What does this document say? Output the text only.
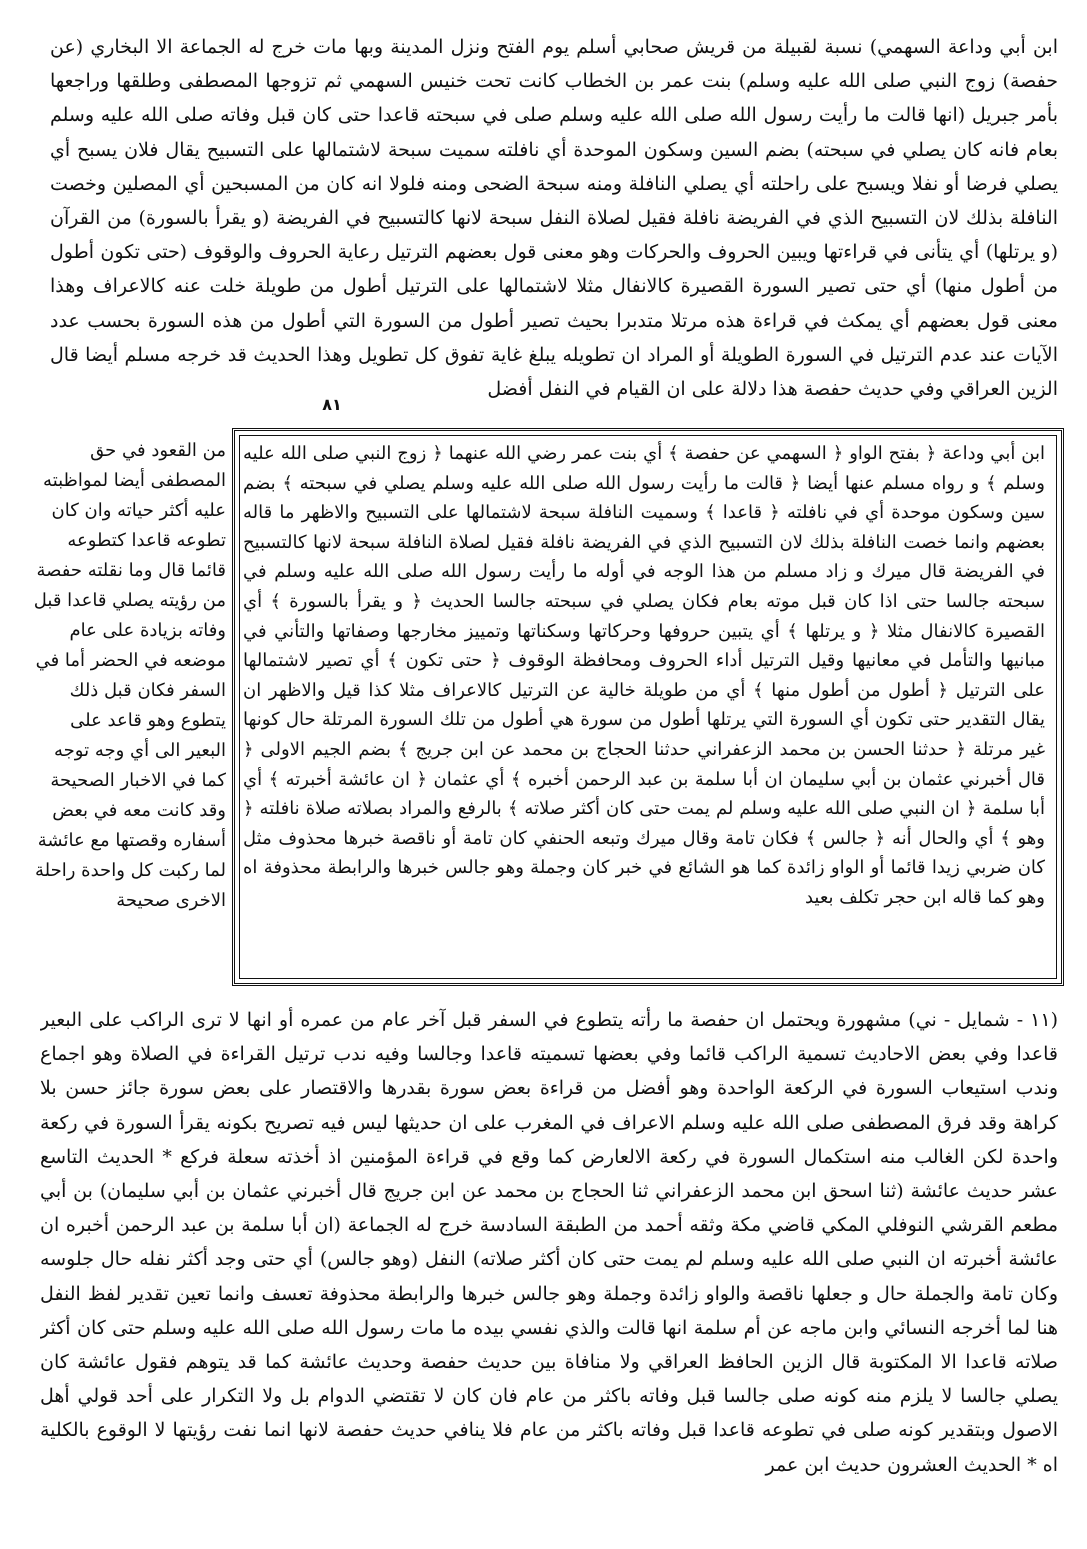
ابن أبي وداعة السهمي) نسبة لقبيلة من قريش صحابي أسلم يوم الفتح ونزل المدينة وبها مات خرج له الجماعة الا البخاري (عن حفصة) زوج النبي صلى الله عليه وسلم) بنت عمر بن الخطاب كانت تحت خنيس السهمي ثم تزوجها المصطفى وطلقها وراجعها بأمر جبريل (انها قالت ما رأيت رسول الله صلى الله عليه وسلم صلى في سبحته قاعدا حتى كان قبل وفاته صلى الله عليه وسلم بعام فانه كان يصلي في سبحته) بضم السين وسكون الموحدة أي نافلته سميت سبحة لاشتمالها على التسبيح يقال فلان يسبح أي يصلي فرضا أو نفلا ويسبح على راحلته أي يصلي النافلة ومنه سبحة الضحى ومنه فلولا انه كان من المسبحين أي المصلين وخصت النافلة بذلك لان التسبيح الذي في الفريضة نافلة فقيل لصلاة النفل سبحة لانها كالتسبيح في الفريضة (و يقرأ بالسورة) من القرآن (و يرتلها) أي يتأنى في قراءتها ويبين الحروف والحركات وهو معنى قول بعضهم الترتيل رعاية الحروف والوقوف (حتى تكون أطول من أطول منها) أي حتى تصير السورة القصيرة كالانفال مثلا لاشتمالها على الترتيل أطول من طويلة خلت عنه كالاعراف وهذا معنى قول بعضهم أي يمكث في قراءة هذه مرتلا متدبرا بحيث تصير أطول من السورة التي أطول من هذه السورة بحسب عدد الآيات عند عدم الترتيل في السورة الطويلة أو المراد ان تطويله يبلغ غاية تفوق كل تطويل وهذا الحديث قد خرجه مسلم أيضا قال الزين العراقي وفي حديث حفصة هذا دلالة على ان القيام في النفل أفضل

٨١

من القعود في حق المصطفى أيضا لمواظبته عليه أكثر حياته وان كان تطوعه قاعدا كتطوعه قائما قال وما نقلته حفصة من رؤيته يصلي قاعدا قبل وفاته بزيادة على عام موضعه في الحضر أما في السفر فكان قبل ذلك يتطوع وهو قاعد على البعير الى أي وجه توجه كما في الاخبار الصحيحة وقد كانت معه في بعض أسفاره وقصتها مع عائشة لما ركبت كل واحدة راحلة الاخرى صحيحة

ابن أبي وداعة ﴿ بفتح الواو ﴿ السهمي عن حفصة ﴾ أي بنت عمر رضي الله عنهما ﴿ زوج النبي صلى الله عليه وسلم ﴾ و رواه مسلم عنها أيضا ﴿ قالت ما رأيت رسول الله صلى الله عليه وسلم يصلي في سبحته ﴾ بضم سين وسكون موحدة أي في نافلته ﴿ قاعدا ﴾ وسميت النافلة سبحة لاشتمالها على التسبيح والاظهر ما قاله بعضهم وانما خصت النافلة بذلك لان التسبيح الذي في الفريضة نافلة فقيل لصلاة النافلة سبحة لانها كالتسبيح في الفريضة قال ميرك و زاد مسلم من هذا الوجه في أوله ما رأيت رسول الله صلى الله عليه وسلم في سبحته جالسا حتى اذا كان قبل موته بعام فكان يصلي في سبحته جالسا الحديث ﴿ و يقرأ بالسورة ﴾ أي القصيرة كالانفال مثلا ﴿ و يرتلها ﴾ أي يتبين حروفها وحركاتها وسكناتها وتمييز مخارجها وصفاتها والتأني في مبانيها والتأمل في معانيها وقيل الترتيل أداء الحروف ومحافظة الوقوف ﴿ حتى تكون ﴾ أي تصير لاشتمالها على الترتيل ﴿ أطول من أطول منها ﴾ أي من طويلة خالية عن الترتيل كالاعراف مثلا كذا قيل والاظهر ان يقال التقدير حتى تكون أي السورة التي يرتلها أطول من سورة هي أطول من تلك السورة المرتلة حال كونها غير مرتلة ﴿ حدثنا الحسن بن محمد الزعفراني حدثنا الحجاج بن محمد عن ابن جريج ﴾ بضم الجيم الاولى ﴿ قال أخبرني عثمان بن أبي سليمان ان أبا سلمة بن عبد الرحمن أخبره ﴾ أي عثمان ﴿ ان عائشة أخبرته ﴾ أي أبا سلمة ﴿ ان النبي صلى الله عليه وسلم لم يمت حتى كان أكثر صلاته ﴾ بالرفع والمراد بصلاته صلاة نافلته ﴿ وهو ﴾ أي والحال أنه ﴿ جالس ﴾ فكان تامة وقال ميرك وتبعه الحنفي كان تامة أو ناقصة خبرها محذوف مثل كان ضربي زيدا قائما أو الواو زائدة كما هو الشائع في خبر كان وجملة وهو جالس خبرها والرابطة محذوفة اه وهو كما قاله ابن حجر تكلف بعيد

(١١ - شمايل - ني) مشهورة ويحتمل ان حفصة ما رأته يتطوع في السفر قبل آخر عام من عمره أو انها لا ترى الراكب على البعير قاعدا وفي بعض الاحاديث تسمية الراكب قائما وفي بعضها تسميته قاعدا وجالسا وفيه ندب ترتيل القراءة في الصلاة وهو اجماع وندب استيعاب السورة في الركعة الواحدة وهو أفضل من قراءة بعض سورة بقدرها والاقتصار على بعض سورة جائز حسن بلا كراهة وقد فرق المصطفى صلى الله عليه وسلم الاعراف في المغرب على ان حديثها ليس فيه تصريح بكونه يقرأ السورة في ركعة واحدة لكن الغالب منه استكمال السورة في ركعة الالعارض كما وقع في قراءة المؤمنين اذ أخذته سعلة فركع * الحديث التاسع عشر حديث عائشة (ثنا اسحق ابن محمد الزعفراني ثنا الحجاج بن محمد عن ابن جريج قال أخبرني عثمان بن أبي سليمان) بن أبي مطعم القرشي النوفلي المكي قاضي مكة وثقه أحمد من الطبقة السادسة خرج له الجماعة (ان أبا سلمة بن عبد الرحمن أخبره ان عائشة أخبرته ان النبي صلى الله عليه وسلم لم يمت حتى كان أكثر صلاته) النفل (وهو جالس) أي حتى وجد أكثر نفله حال جلوسه وكان تامة والجملة حال و جعلها ناقصة والواو زائدة وجملة وهو جالس خبرها والرابطة محذوفة تعسف وانما تعين تقدير لفظ النفل هنا لما أخرجه النسائي وابن ماجه عن أم سلمة انها قالت والذي نفسي بيده ما مات رسول الله صلى الله عليه وسلم حتى كان أكثر صلاته قاعدا الا المكتوبة قال الزين الحافظ العراقي ولا منافاة بين حديث حفصة وحديث عائشة كما قد يتوهم فقول عائشة كان يصلي جالسا لا يلزم منه كونه صلى جالسا قبل وفاته باكثر من عام فان كان لا تقتضي الدوام بل ولا التكرار على أحد قولي أهل الاصول وبتقدير كونه صلى في تطوعه قاعدا قبل وفاته باكثر من عام فلا ينافي حديث حفصة لانها انما نفت رؤيتها لا الوقوع بالكلية اه * الحديث العشرون حديث ابن عمر
